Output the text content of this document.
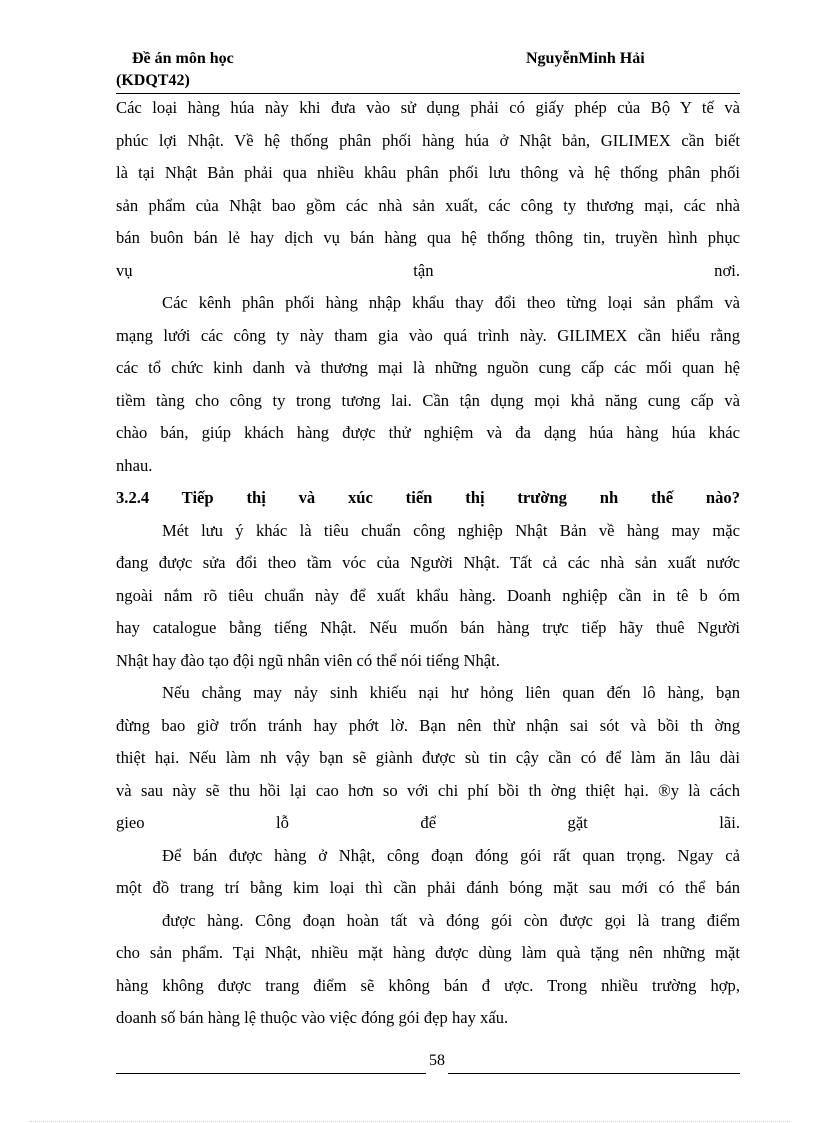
Đề án môn học
(KDQT42)
NguyễnMinh Hải
Các loại hàng húa này khi đưa vào sử dụng phải có giấy phép của Bộ Y tế và
phúc lợi Nhật. Về hệ thống phân phối hàng húa ở Nhật bản, GILIMEX cần biết
là tại Nhật Bản phải qua nhiều khâu phân phối lưu thông và hệ thống phân phối
sản phẩm của Nhật bao gồm các nhà sản xuất, các công ty thương mại, các nhà
bán buôn bán lẻ hay dịch vụ bán hàng qua hệ thống thông tin, truyền hình phục
vụ tận nơi.
Các kênh phân phối hàng nhập khẩu thay đổi theo từng loại sản phẩm và
mạng lưới các công ty này tham gia vào quá trình này. GILIMEX cần hiểu rằng
các tổ chức kinh danh và thương mại là những nguồn cung cấp các mối quan hệ
tiềm tàng cho công ty trong tương lai. Cần tận dụng mọi khả năng cung cấp và
chào bán, giúp khách hàng được thử nghiệm và đa dạng húa hàng húa khác
nhau.
3.2.4 Tiếp thị và xúc tiến thị trường nh thế nào?
Mét lưu ý khác là tiêu chuẩn công nghiệp Nhật Bản về hàng may mặc
đang được sửa đổi theo tầm vóc của Người Nhật. Tất cả các nhà sản xuất nước
ngoài nắm rõ tiêu chuẩn này để xuất khẩu hàng. Doanh nghiệp cần in tê b óm
hay catalogue bằng tiếng Nhật. Nếu muốn bán hàng trực tiếp hãy thuê Người
Nhật hay đào tạo đội ngũ nhân viên có thể nói tiếng Nhật.
Nếu chẳng may nảy sinh khiếu nại hư hỏng liên quan đến lô hàng, bạn
đừng bao giờ trốn tránh hay phớt lờ. Bạn nên thừ nhận sai sót và bồi th ờng
thiệt hại. Nếu làm nh vậy bạn sẽ giành được sù tin cậy cần có để làm ăn lâu dài
và sau này sẽ thu hồi lại cao hơn so với chi phí bồi th ờng thiệt hại. ®y là cách
gieo lỗ để gặt lãi.
Để bán được hàng ở Nhật, công đoạn đóng gói rất quan trọng. Ngay cả
một đồ trang trí bằng kim loại thì cần phải đánh bóng mặt sau mới có thể bán
được hàng. Công đoạn hoàn tất và đóng gói còn được gọi là trang điểm
cho sản phẩm. Tại Nhật, nhiều mặt hàng được dùng làm quà tặng nên những mặt
hàng không được trang điểm sẽ không bán đ ược. Trong nhiều trường hợp,
doanh số bán hàng lệ thuộc vào việc đóng gói đẹp hay xấu.
58
